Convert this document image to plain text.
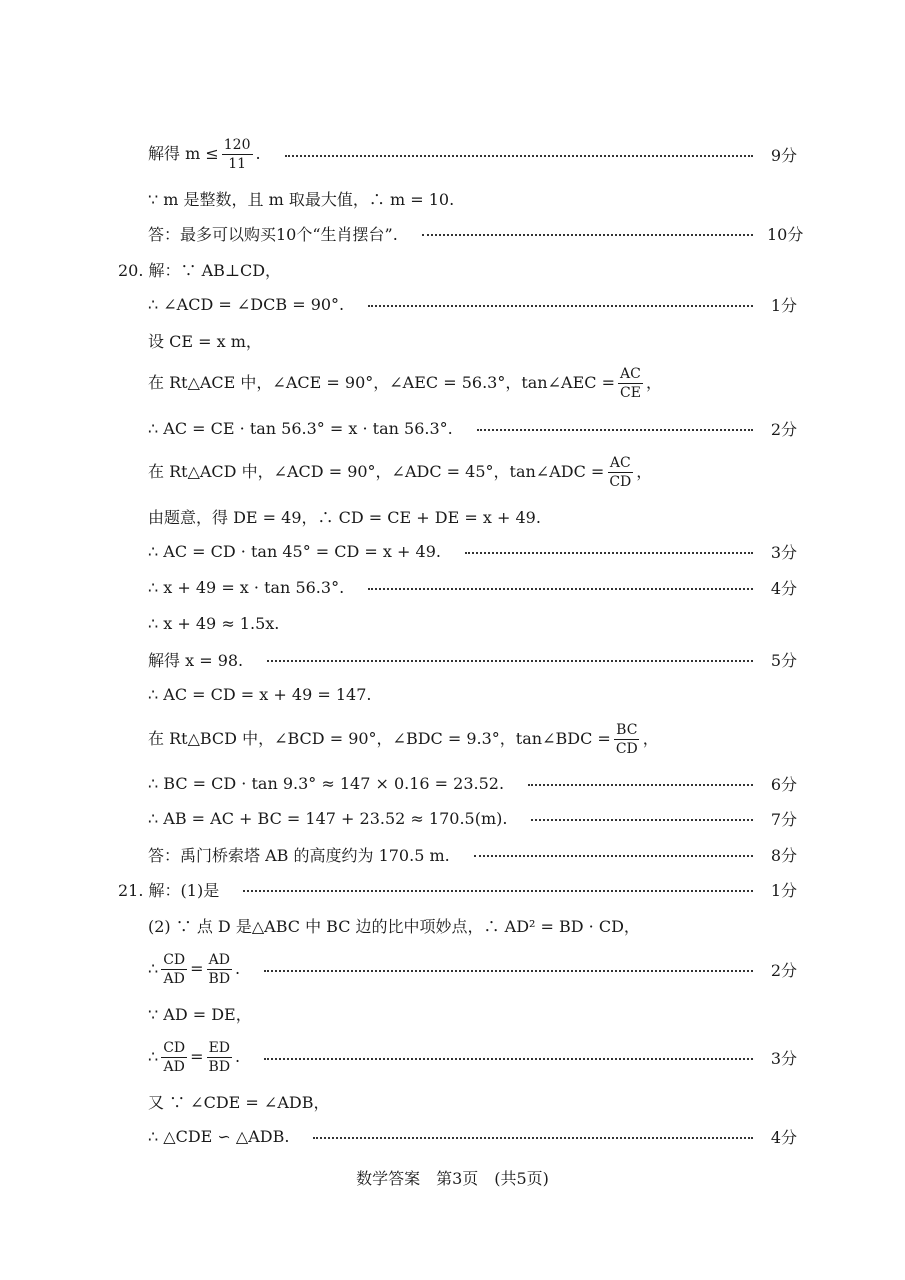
解得 $m \le \frac{120}{11}$ .	9分
∵ m 是整数，且 m 取最大值，∴ m = 10.
答：最多可以购买10个“生肖摆台”.	10分
20. 解：∵ AB⊥CD，
∴ ∠ACD = ∠DCB = 90°.	1分
设 CE = x m，
在 Rt△ACE 中，∠ACE = 90°，∠AEC = 56.3°，tan∠AEC = $\frac{AC}{CE}$ ，
∴ AC = CE · tan 56.3° = x · tan 56.3°.	2分
在 Rt△ACD 中，∠ACD = 90°，∠ADC = 45°，tan∠ADC = $\frac{AC}{CD}$ ，
由题意，得 DE = 49，∴ CD = CE + DE = x + 49.
∴ AC = CD · tan 45° = CD = x + 49.	3分
∴ x + 49 = x · tan 56.3°.	4分
∴ x + 49 ≈ 1.5x.
解得 x = 98.	5分
∴ AC = CD = x + 49 = 147.
在 Rt△BCD 中，∠BCD = 90°，∠BDC = 9.3°，tan∠BDC = $\frac{BC}{CD}$ ，
∴ BC = CD · tan 9.3° ≈ 147 × 0.16 = 23.52.	6分
∴ AB = AC + BC = 147 + 23.52 ≈ 170.5(m).	7分
答：禹门桥索塔 AB 的高度约为 170.5 m.	8分
21. 解：(1)是	1分
(2) ∵ 点 D 是△ABC 中 BC 边的比中项妙点，∴ AD² = BD · CD，
∴ $\frac{CD}{AD} = \frac{AD}{BD}$ .	2分
∵ AD = DE，
∴ $\frac{CD}{AD} = \frac{ED}{BD}$ .	3分
又 ∵ ∠CDE = ∠ADB，
∴ △CDE ∽ △ADB.	4分
数学答案　第3页　(共5页)
